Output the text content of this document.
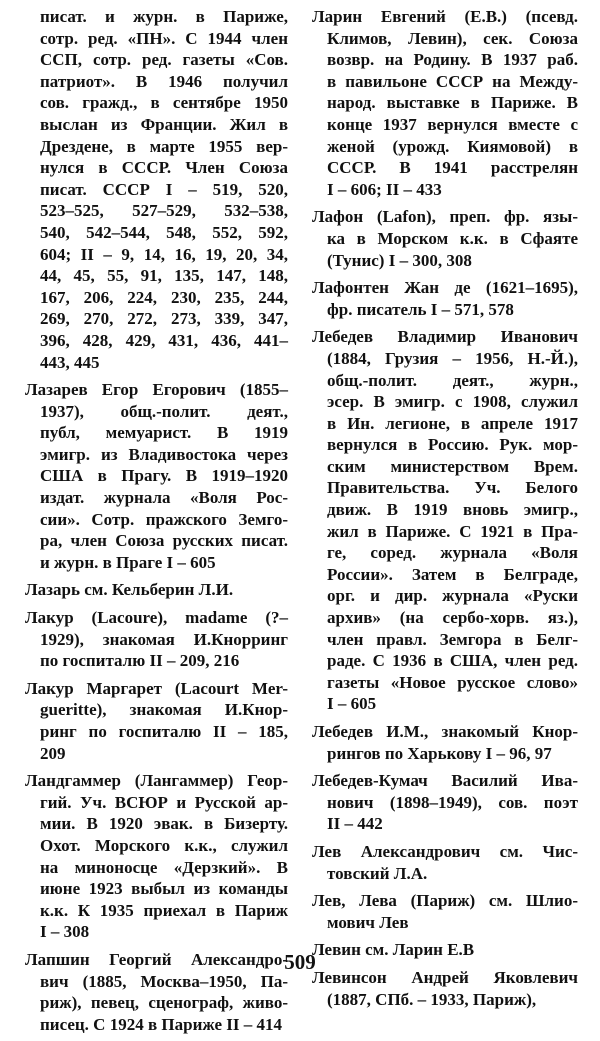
писат. и журн. в Париже,
сотр. ред. «ПН». С 1944 член
ССП, сотр. ред. газеты «Сов.
патриот». В 1946 получил
сов. гражд., в сентябре 1950
выслан из Франции. Жил в
Дрездене, в марте 1955 вер-
нулся в СССР. Член Союза
писат. СССР I – 519, 520,
523–525, 527–529, 532–538,
540, 542–544, 548, 552, 592,
604; II – 9, 14, 16, 19, 20, 34,
44, 45, 55, 91, 135, 147, 148,
167, 206, 224, 230, 235, 244,
269, 270, 272, 273, 339, 347,
396, 428, 429, 431, 436, 441–
443, 445
Лазарев Егор Егорович (1855–
1937), общ.-полит. деят.,
публ, мемуарист. В 1919
эмигр. из Владивостока через
США в Прагу. В 1919–1920
издат. журнала «Воля Рос-
сии». Сотр. пражского Земго-
ра, член Союза русских писат.
и журн. в Праге I – 605
Лазарь см. Кельберин Л.И.
Лакур (Lacoure), madame (?–
1929), знакомая И.Кнорринг
по госпиталю II – 209, 216
Лакур Маргарет (Lacourt Mer-
guеritte), знакомая И.Кнор-
ринг по госпиталю II – 185,
209
Ландгаммер (Лангаммер) Геор-
гий. Уч. ВСЮР и Русской ар-
мии. В 1920 эвак. в Бизерту.
Охот. Морского к.к., служил
на миноносце «Дерзкий». В
июне 1923 выбыл из команды
к.к. К 1935 приехал в Париж
I – 308
Лапшин Георгий Александро-
вич (1885, Москва–1950, Па-
риж), певец, сценограф, живо-
писец. С 1924 в Париже II – 414
Ларин Евгений (Е.В.) (псевд.
Климов, Левин), сек. Союза
возвр. на Родину. В 1937 раб.
в павильоне СССР на Между-
народ. выставке в Париже. В
конце 1937 вернулся вместе с
женой (урожд. Киямовой) в
СССР. В 1941 расстрелян
I – 606; II – 433
Лафон (Lafon), преп. фр. язы-
ка в Морском к.к. в Сфаяте
(Тунис) I – 300, 308
Лафонтен Жан де (1621–1695),
фр. писатель I – 571, 578
Лебедев Владимир Иванович
(1884, Грузия – 1956, Н.-Й.),
общ.-полит. деят., журн.,
эсер. В эмигр. с 1908, служил
в Ин. легионе, в апреле 1917
вернулся в Россию. Рук. мор-
ским министерством Врем.
Правительства. Уч. Белого
движ. В 1919 вновь эмигр.,
жил в Париже. С 1921 в Пра-
ге, соред. журнала «Воля
России». Затем в Белграде,
орг. и дир. журнала «Руски
архив» (на сербо-хорв. яз.),
член правл. Земгора в Белг-
раде. С 1936 в США, член ред.
газеты «Новое русское слово»
I – 605
Лебедев И.М., знакомый Кнор-
рингов по Харькову I – 96, 97
Лебедев-Кумач Василий Ива-
нович (1898–1949), сов. поэт
II – 442
Лев Александрович см. Чис-
товский Л.А.
Лев, Лева (Париж) см. Шлио-
мович Лев
Левин см. Ларин Е.В
Левинсон Андрей Яковлевич
(1887, СПб. – 1933, Париж),
509
